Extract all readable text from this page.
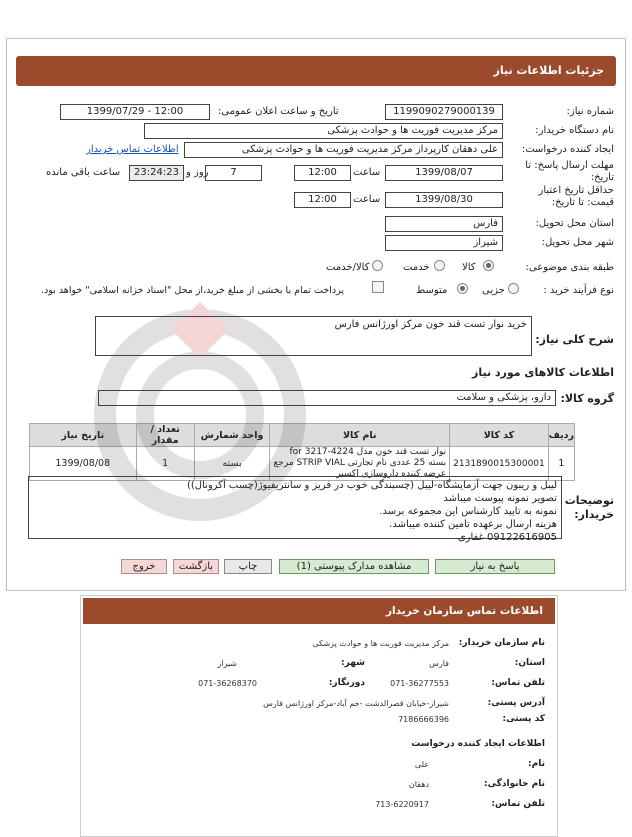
جزئیات اطلاعات نیاز
شماره نیاز:
1199090279000139
تاریخ و ساعت اعلان عمومی:
1399/07/29 - 12:00
نام دستگاه خریدار:
مرکز مدیریت فوریت ها و حوادث پزشکی
ایجاد کننده درخواست:
علی دهقان کارپرداز مرکز مدیریت فوریت ها و حوادث پزشکی
اطلاعات تماس خریدار
مهلت ارسال پاسخ: تا تاریخ:
1399/08/07
ساعت
12:00
7
روز و
23:24:23
ساعت باقی مانده
حداقل تاریخ اعتبار قیمت: تا تاریخ:
1399/08/30
ساعت
12:00
استان محل تحویل:
فارس
شهر محل تحویل:
شیراز
طبقه بندی موضوعی:
کالا
خدمت
کالا/خدمت
نوع فرآیند خرید :
جزیی
متوسط
پرداخت تمام یا بخشی از مبلغ خرید،از محل "اسناد خزانه اسلامی" خواهد بود.
شرح کلی نیاز:
خرید نوار تست قند خون مرکز اورژانس فارس
اطلاعات کالاهای مورد نیاز
گروه کالا:
دارو، پزشکی و سلامت
ردیف	کد کالا	نام کالا	واحد شمارش	تعداد / مقدار	تاریخ نیاز
1	2131890015300001	نوار تست قند خون مدل 4224-3217 for بسته 25 عددی نام تجارتی STRIP VIAL مرجع عرضه کننده داروسازی اکسیر	بسته	1	1399/08/08
توضیحات خریدار:
لیبل و ریبون جهت آزمایشگاه-لیبل (چسبندگی خوب در فریز و سانتریفیوژ(چسب آکرونال))
تصویر نمونه پیوست میباشد
نمونه به تایید کارشناس این مجموعه برسد.
هزینه ارسال برعهده تامین کننده میباشد.
09122616905 غفاری
پاسخ به نیاز
مشاهده مدارک پیوستی (1)
چاپ
بازگشت
خروج
اطلاعات تماس سازمان خریدار
نام سازمان خریدار:
مرکز مدیریت فوریت ها و حوادث پزشکی
استان:
فارس
شهر:
شیراز
تلفن تماس:
071-36277553
دورنگار:
071-36268370
آدرس پستی:
شیراز-خیابان قصرالدشت -خم آباد-مرکز اورژانس فارس
کد پستی:
7186666396
اطلاعات ایجاد کننده درخواست
نام:
علی
نام خانوادگی:
دهقان
تلفن تماس:
713-6220917
